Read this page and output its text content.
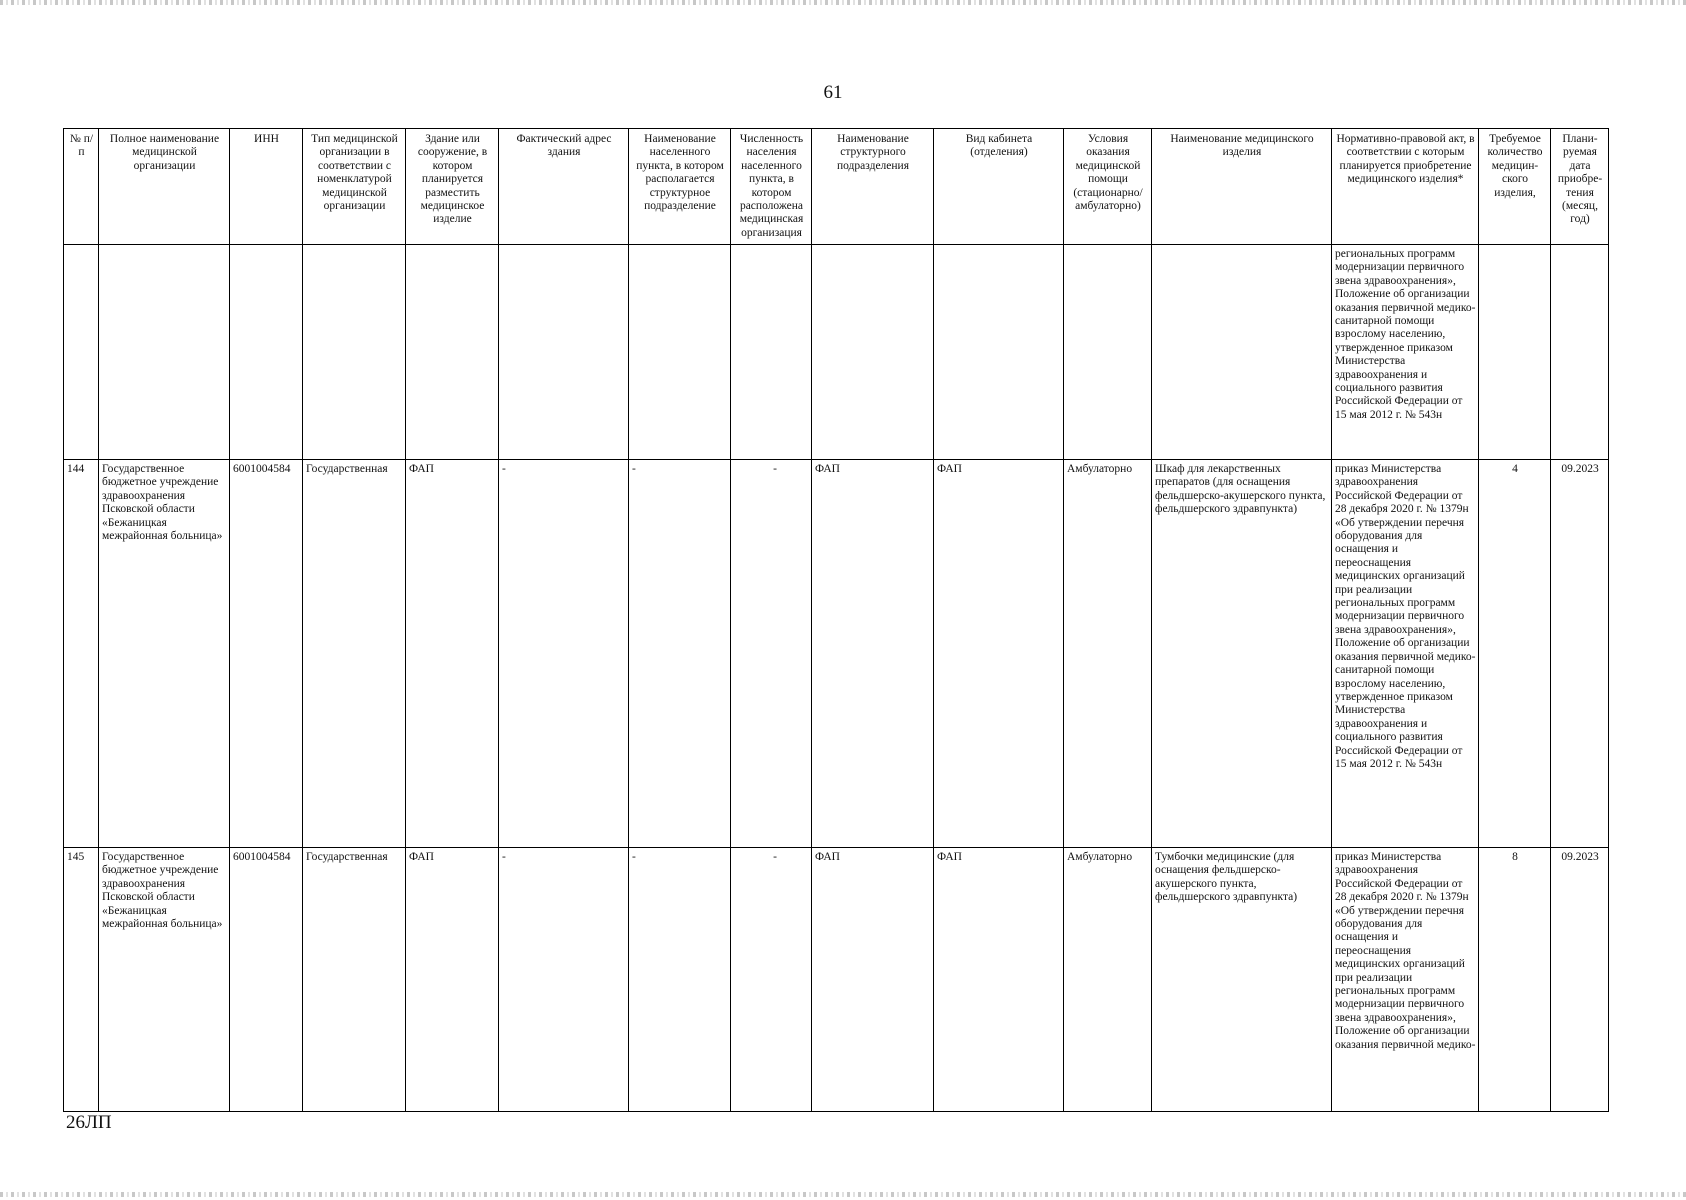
61
№ п/п	Полное наименование медицинской организации	ИНН	Тип медицинской организации в соответствии с номенклатурой медицинской организации	Здание или сооружение, в котором планируется разместить медицинское изделие	Фактический адрес здания	Наименование населенного пункта, в котором располагается структурное подразделение	Численность населения населенного пункта, в котором расположена медицинская организация	Наименование структурного подразделения	Вид кабинета (отделения)	Условия оказания медицинской помощи (стационарно/ амбулаторно)	Наименование медицинского изделия	Нормативно-правовой акт, в соответствии с которым планируется приобретение медицинского изделия*	Требуемое количество медицин-ского изделия,	Плани-руемая дата приобре-тения (месяц, год)
												региональных программ модернизации первичного звена здравоохранения», Положение об организации оказания первичной медико-санитарной помощи взрослому населению, утвержденное приказом Министерства здравоохранения и социального развития Российской Федерации от 15 мая 2012 г. № 543н		
144	Государственное бюджетное учреждение здравоохранения Псковской области «Бежаницкая межрайонная больница»	6001004584	Государственная	ФАП	-	-	-	ФАП	ФАП	Амбулаторно	Шкаф для лекарственных препаратов (для оснащения фельдшерско-акушерского пункта, фельдшерского здравпункта)	приказ Министерства здравоохранения Российской Федерации от 28 декабря 2020 г. № 1379н «Об утверждении перечня оборудования для оснащения и переоснащения медицинских организаций при реализации региональных программ модернизации первичного звена здравоохранения», Положение об организации оказания первичной медико-санитарной помощи взрослому населению, утвержденное приказом Министерства здравоохранения и социального развития Российской Федерации от 15 мая 2012 г. № 543н	4	09.2023
145	Государственное бюджетное учреждение здравоохранения Псковской области «Бежаницкая межрайонная больница»	6001004584	Государственная	ФАП	-	-	-	ФАП	ФАП	Амбулаторно	Тумбочки медицинские (для оснащения фельдшерско-акушерского пункта, фельдшерского здравпункта)	приказ Министерства здравоохранения Российской Федерации от 28 декабря 2020 г. № 1379н «Об утверждении перечня оборудования для оснащения и переоснащения медицинских организаций при реализации региональных программ модернизации первичного звена здравоохранения», Положение об организации оказания первичной медико-	8	09.2023
26ЛП
